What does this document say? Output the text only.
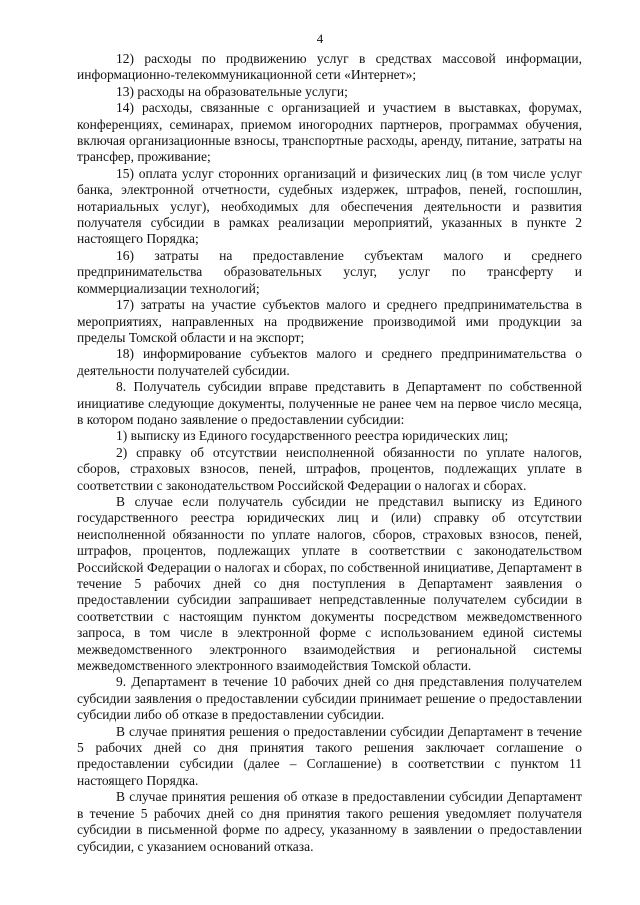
4

12) расходы по продвижению услуг в средствах массовой информации, информационно-телекоммуникационной сети «Интернет»;

13) расходы на образовательные услуги;

14) расходы, связанные с организацией и участием в выставках, форумах, конференциях, семинарах, приемом иногородних партнеров, программах обучения, включая организационные взносы, транспортные расходы, аренду, питание, затраты на трансфер, проживание;

15) оплата услуг сторонних организаций и физических лиц (в том числе услуг банка, электронной отчетности, судебных издержек, штрафов, пеней, госпошлин, нотариальных услуг), необходимых для обеспечения деятельности и развития получателя субсидии в рамках реализации мероприятий, указанных в пункте 2 настоящего Порядка;

16) затраты на предоставление субъектам малого и среднего предпринимательства образовательных услуг, услуг по трансферту и коммерциализации технологий;

17) затраты на участие субъектов малого и среднего предпринимательства в мероприятиях, направленных на продвижение производимой ими продукции за пределы Томской области и на экспорт;

18) информирование субъектов малого и среднего предпринимательства о деятельности получателей субсидии.

8. Получатель субсидии вправе представить в Департамент по собственной инициативе следующие документы, полученные не ранее чем на первое число месяца, в котором подано заявление о предоставлении субсидии:

1) выписку из Единого государственного реестра юридических лиц;

2) справку об отсутствии неисполненной обязанности по уплате налогов, сборов, страховых взносов, пеней, штрафов, процентов, подлежащих уплате в соответствии с законодательством Российской Федерации о налогах и сборах.

В случае если получатель субсидии не представил выписку из Единого государственного реестра юридических лиц и (или) справку об отсутствии неисполненной обязанности по уплате налогов, сборов, страховых взносов, пеней, штрафов, процентов, подлежащих уплате в соответствии с законодательством Российской Федерации о налогах и сборах, по собственной инициативе, Департамент в течение 5 рабочих дней со дня поступления в Департамент заявления о предоставлении субсидии запрашивает непредставленные получателем субсидии в соответствии с настоящим пунктом документы посредством межведомственного запроса, в том числе в электронной форме с использованием единой системы межведомственного электронного взаимодействия и региональной системы межведомственного электронного взаимодействия Томской области.

9. Департамент в течение 10 рабочих дней со дня представления получателем субсидии заявления о предоставлении субсидии принимает решение о предоставлении субсидии либо об отказе в предоставлении субсидии.

В случае принятия решения о предоставлении субсидии Департамент в течение 5 рабочих дней со дня принятия такого решения заключает соглашение о предоставлении субсидии (далее – Соглашение) в соответствии с пунктом 11 настоящего Порядка.

В случае принятия решения об отказе в предоставлении субсидии Департамент в течение 5 рабочих дней со дня принятия такого решения уведомляет получателя субсидии в письменной форме по адресу, указанному в заявлении о предоставлении субсидии, с указанием оснований отказа.
